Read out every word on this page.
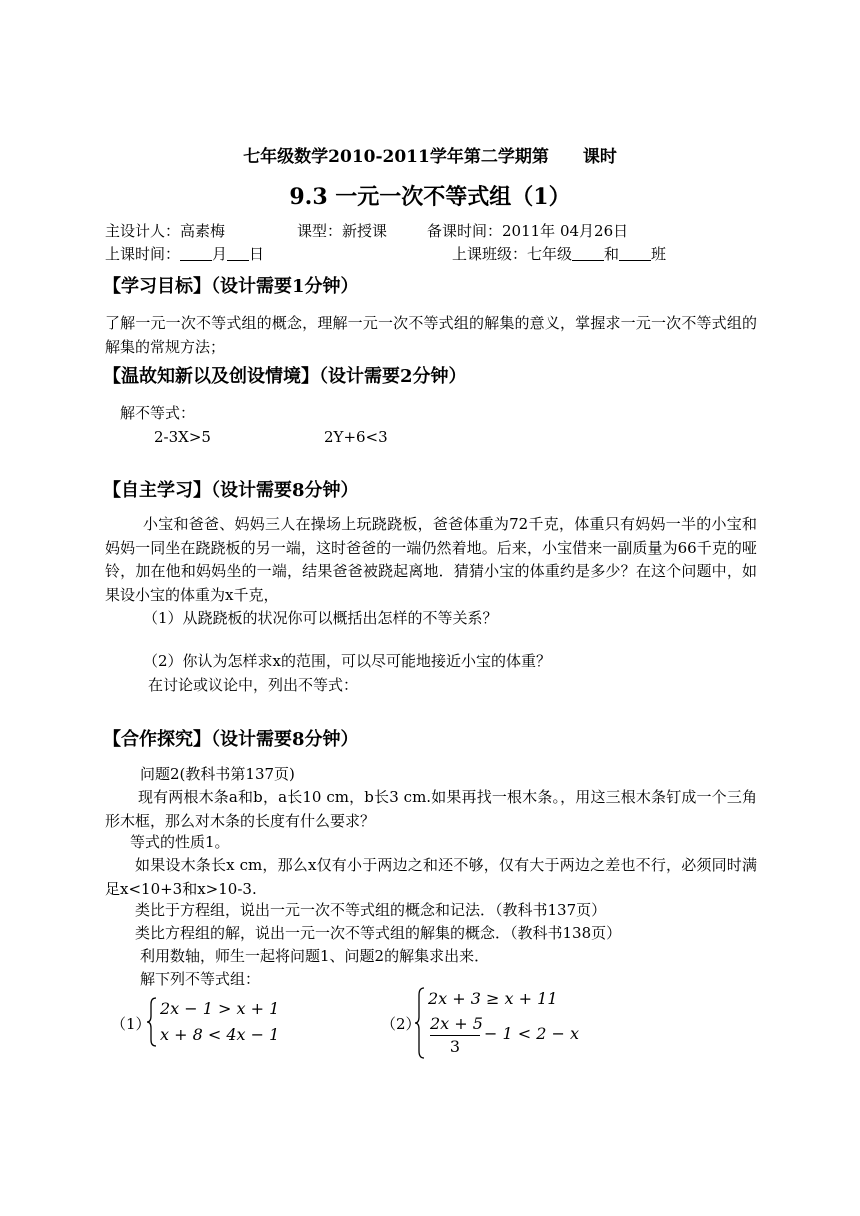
七年级数学2010-2011学年第二学期第　　课时
9.3 一元一次不等式组（1）
主设计人：高素梅	课型：新授课	备课时间：2011年 04月26日
上课时间： 月 日	上课班级：七年级 和 班
【学习目标】（设计需要1分钟）
了解一元一次不等式组的概念，理解一元一次不等式组的解集的意义，掌握求一元一次不等式组的解集的常规方法；
【温故知新以及创设情境】（设计需要2分钟）
解不等式：
2-3X>5	2Y+6<3
【自主学习】（设计需要8分钟）
小宝和爸爸、妈妈三人在操场上玩跷跷板，爸爸体重为72千克，体重只有妈妈一半的小宝和妈妈一同坐在跷跷板的另一端，这时爸爸的一端仍然着地。后来，小宝借来一副质量为66千克的哑铃，加在他和妈妈坐的一端，结果爸爸被跷起离地．猜猜小宝的体重约是多少？在这个问题中，如果设小宝的体重为x千克，
（1）从跷跷板的状况你可以概括出怎样的不等关系？
（2）你认为怎样求x的范围，可以尽可能地接近小宝的体重？
在讨论或议论中，列出不等式：
【合作探究】（设计需要8分钟）
问题2(教科书第137页)
现有两根木条a和b，a长10 cm，b长3 cm.如果再找一根木条。，用这三根木条钉成一个三角形木框，那么对木条的长度有什么要求？
等式的性质1。
如果设木条长x cm，那么x仅有小于两边之和还不够，仅有大于两边之差也不行，必须同时满足x<10+3和x>10-3.
类比于方程组，说出一元一次不等式组的概念和记法．（教科书137页）
类比方程组的解，说出一元一次不等式组的解集的概念．（教科书138页）
利用数轴，师生一起将问题1、问题2的解集求出来．
解下列不等式组：
（1）
2x − 1 > x + 1
x + 8 < 4x − 1
（2）
2x + 3 ≥ x + 11
2x + 5
3
− 1 < 2 − x
